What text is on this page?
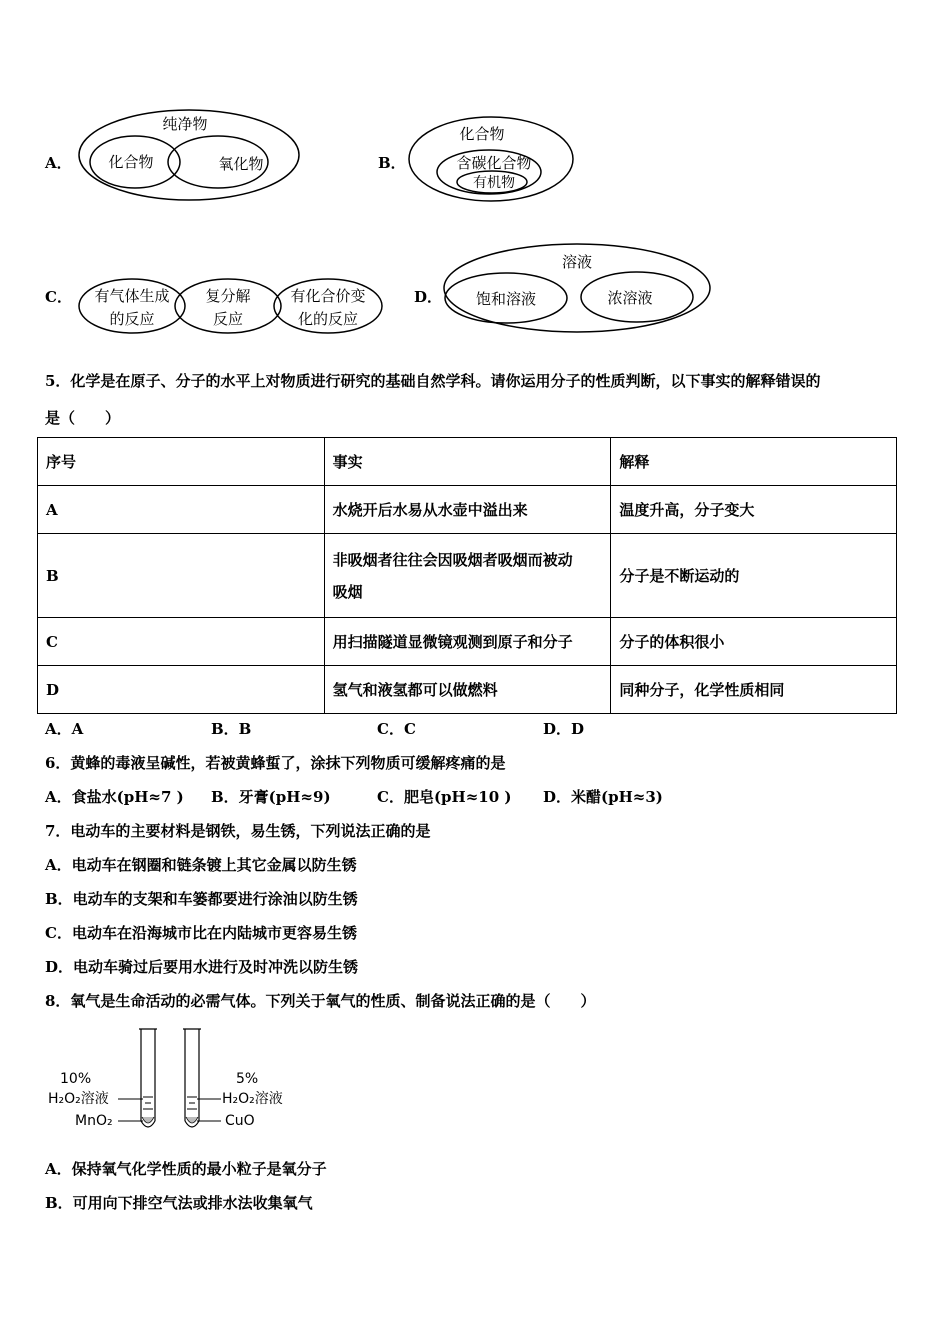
A．
纯净物
化合物	氧化物	B．
化合物
含碳化合物
有机物
C． 有气体生成
的反应
复分解
反应
有化合价变
化的反应
D．
溶液
饱和溶液	浓溶液
5．化学是在原子、分子的水平上对物质进行研究的基础自然学科。请你运用分子的性质判断，以下事实的解释错误的
是（　　）
序号	事实	解释
A	水烧开后水易从水壶中溢出来	温度升高，分子变大
B	非吸烟者往往会因吸烟者吸烟而被动
吸烟	分子是不断运动的
C	用扫描隧道显微镜观测到原子和分子	分子的体积很小
D	氢气和液氢都可以做燃料	同种分子，化学性质相同
A．A	B．B	C．C	D．D
6．黄蜂的毒液呈碱性，若被黄蜂蜇了，涂抹下列物质可缓解疼痛的是
A．食盐水(pH≈7 ) B．牙膏(pH≈9)	C．肥皂(pH≈10 ) D．米醋(pH≈3)
7．电动车的主要材料是钢铁，易生锈，下列说法正确的是
A．电动车在钢圈和链条镀上其它金属以防生锈
B．电动车的支架和车篓都要进行涂油以防生锈
C．电动车在沿海城市比在内陆城市更容易生锈
D．电动车骑过后要用水进行及时冲洗以防生锈
8．氧气是生命活动的必需气体。下列关于氧气的性质、制备说法正确的是（　　）
10%
H₂O₂溶液
MnO₂
5%
H₂O₂溶液
CuO
A．保持氧气化学性质的最小粒子是氧分子
B．可用向下排空气法或排水法收集氧气
